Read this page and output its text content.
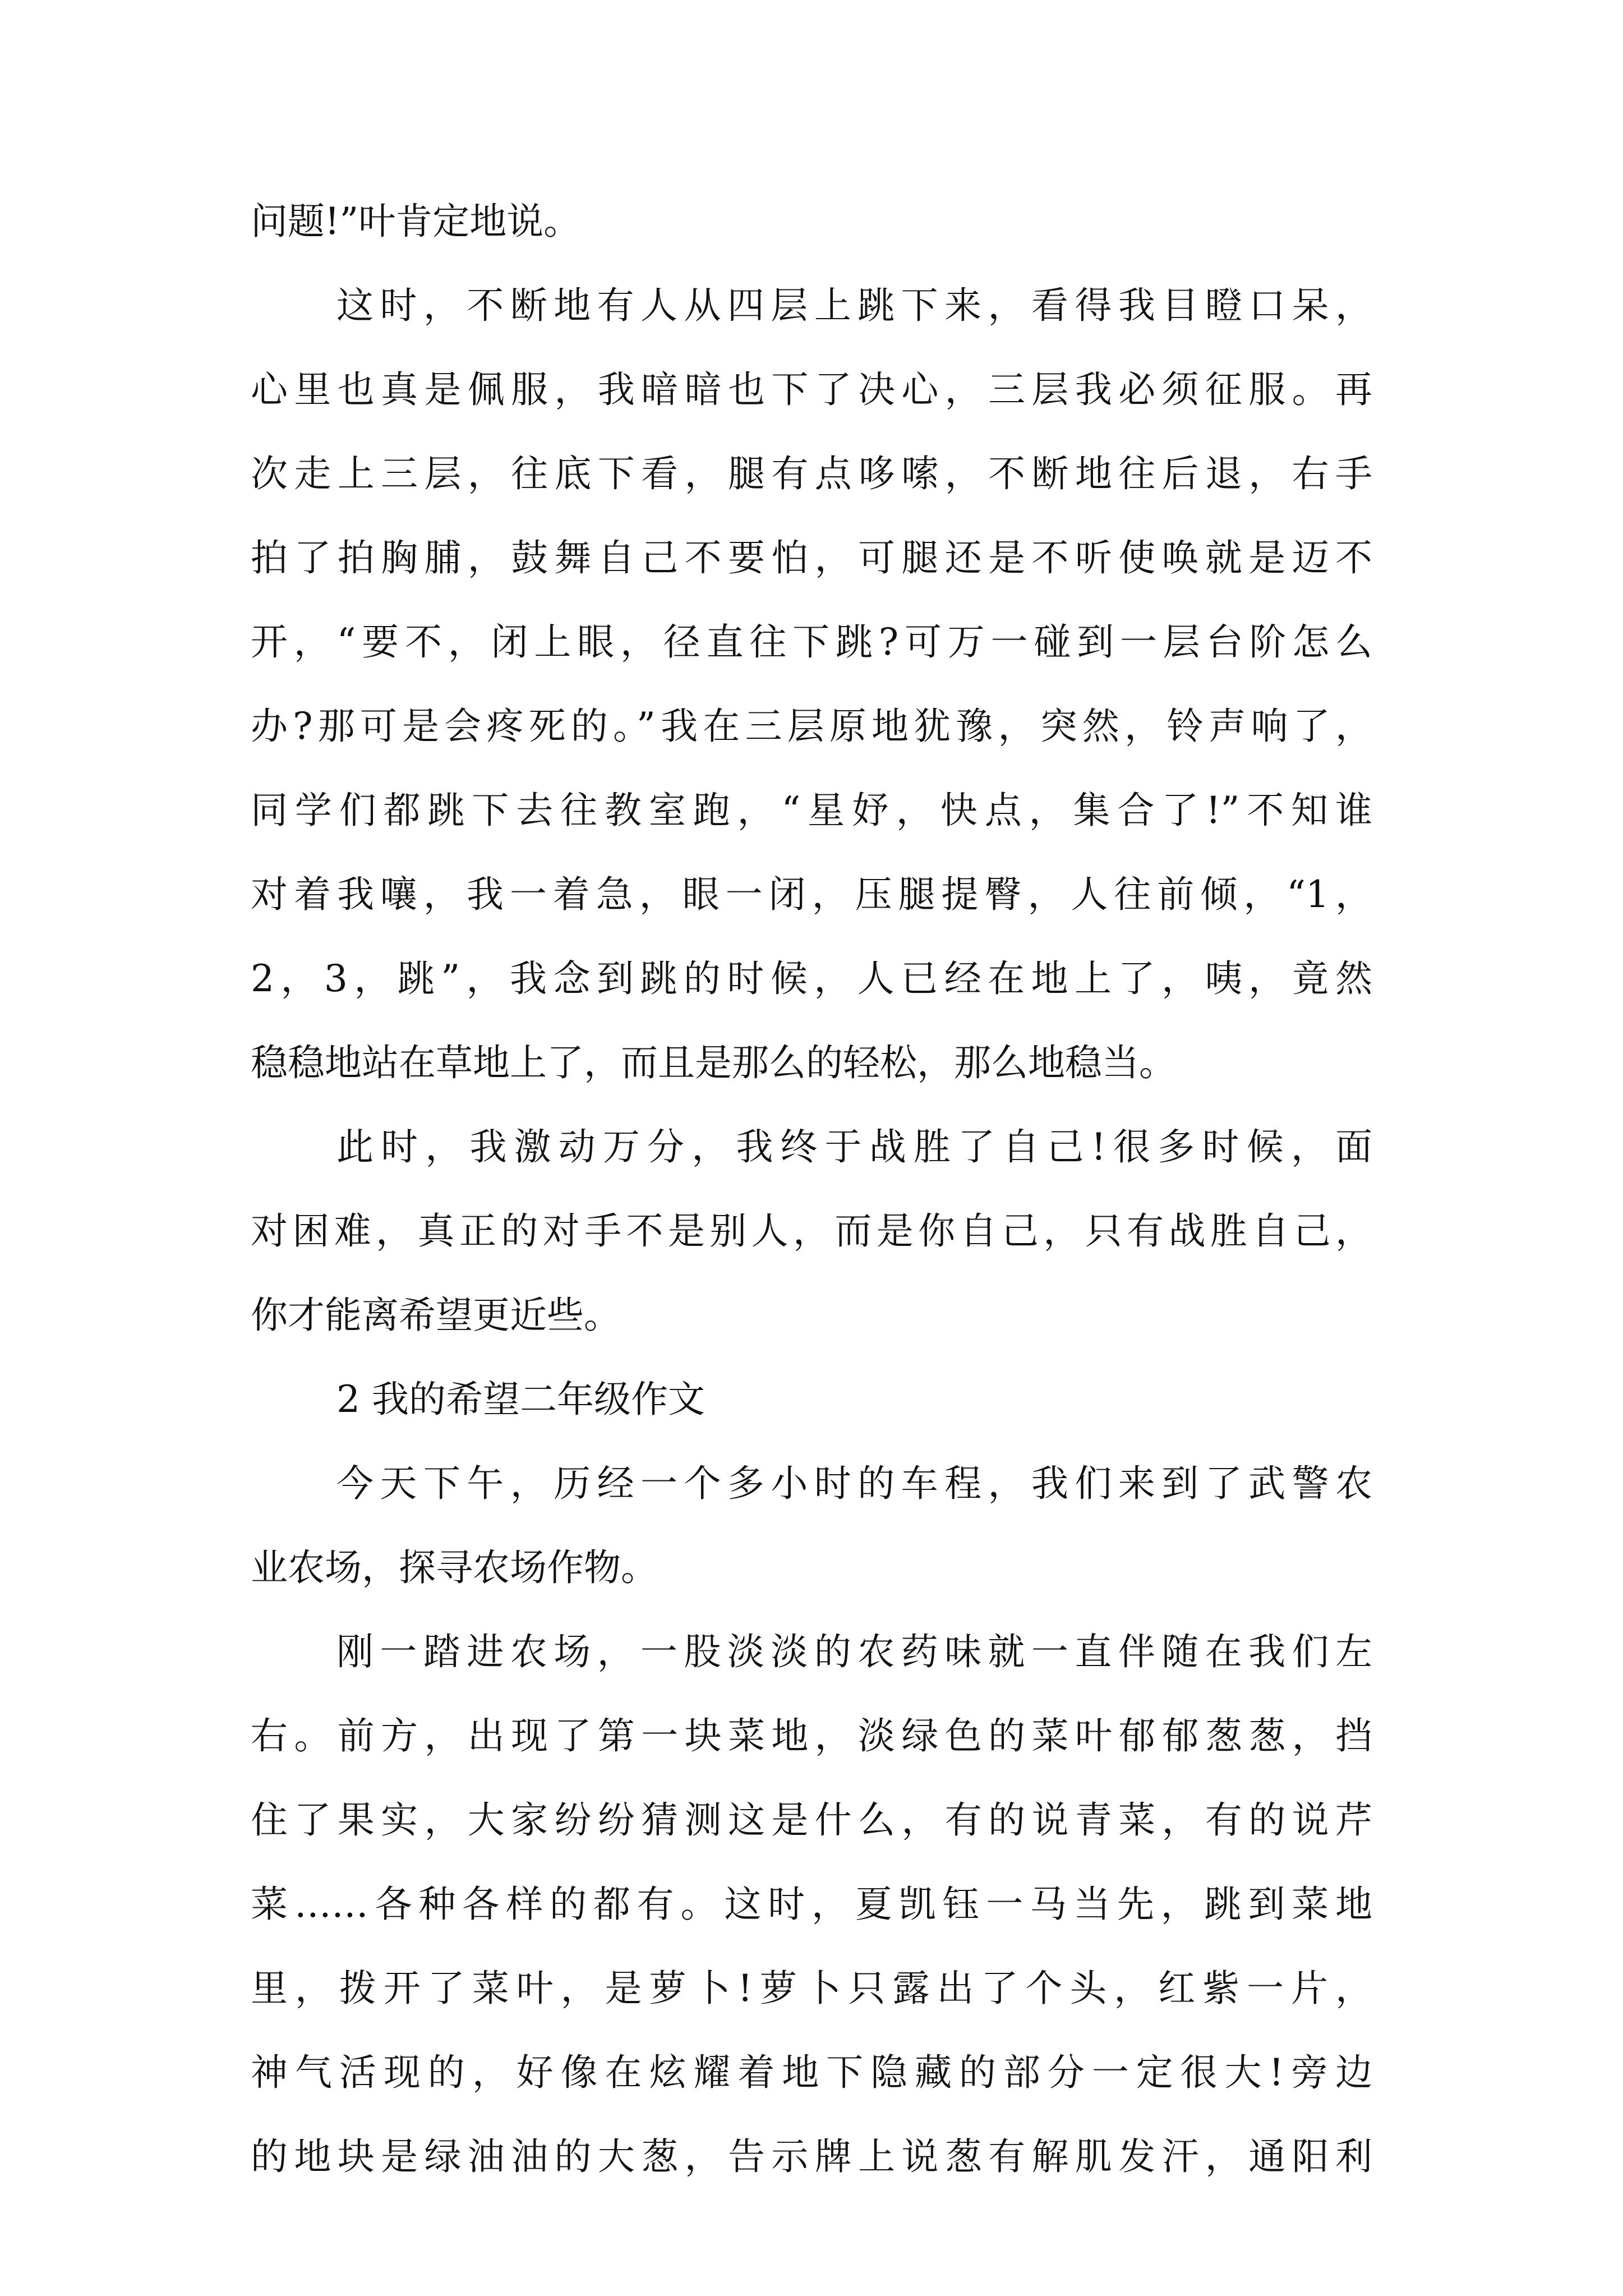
问题!”叶肯定地说。
这时，不断地有人从四层上跳下来，看得我目瞪口呆，
心里也真是佩服，我暗暗也下了决心，三层我必须征服。再
次走上三层，往底下看，腿有点哆嗦，不断地往后退，右手
拍了拍胸脯，鼓舞自己不要怕，可腿还是不听使唤就是迈不
开，“要不，闭上眼，径直往下跳?可万一碰到一层台阶怎么
办?那可是会疼死的。”我在三层原地犹豫，突然，铃声响了，
同学们都跳下去往教室跑，“星妤，快点，集合了!”不知谁
对着我嚷，我一着急，眼一闭，压腿提臀，人往前倾，“1，
2，3，跳”，我念到跳的时候，人已经在地上了，咦，竟然
稳稳地站在草地上了，而且是那么的轻松，那么地稳当。
此时，我激动万分，我终于战胜了自己!很多时候，面
对困难，真正的对手不是别人，而是你自己，只有战胜自己，
你才能离希望更近些。
2 我的希望二年级作文
今天下午，历经一个多小时的车程，我们来到了武警农
业农场，探寻农场作物。
刚一踏进农场，一股淡淡的农药味就一直伴随在我们左
右。前方，出现了第一块菜地，淡绿色的菜叶郁郁葱葱，挡
住了果实，大家纷纷猜测这是什么，有的说青菜，有的说芹
菜……各种各样的都有。这时，夏凯钰一马当先，跳到菜地
里，拨开了菜叶，是萝卜!萝卜只露出了个头，红紫一片，
神气活现的，好像在炫耀着地下隐藏的部分一定很大!旁边
的地块是绿油油的大葱，告示牌上说葱有解肌发汗，通阳利
